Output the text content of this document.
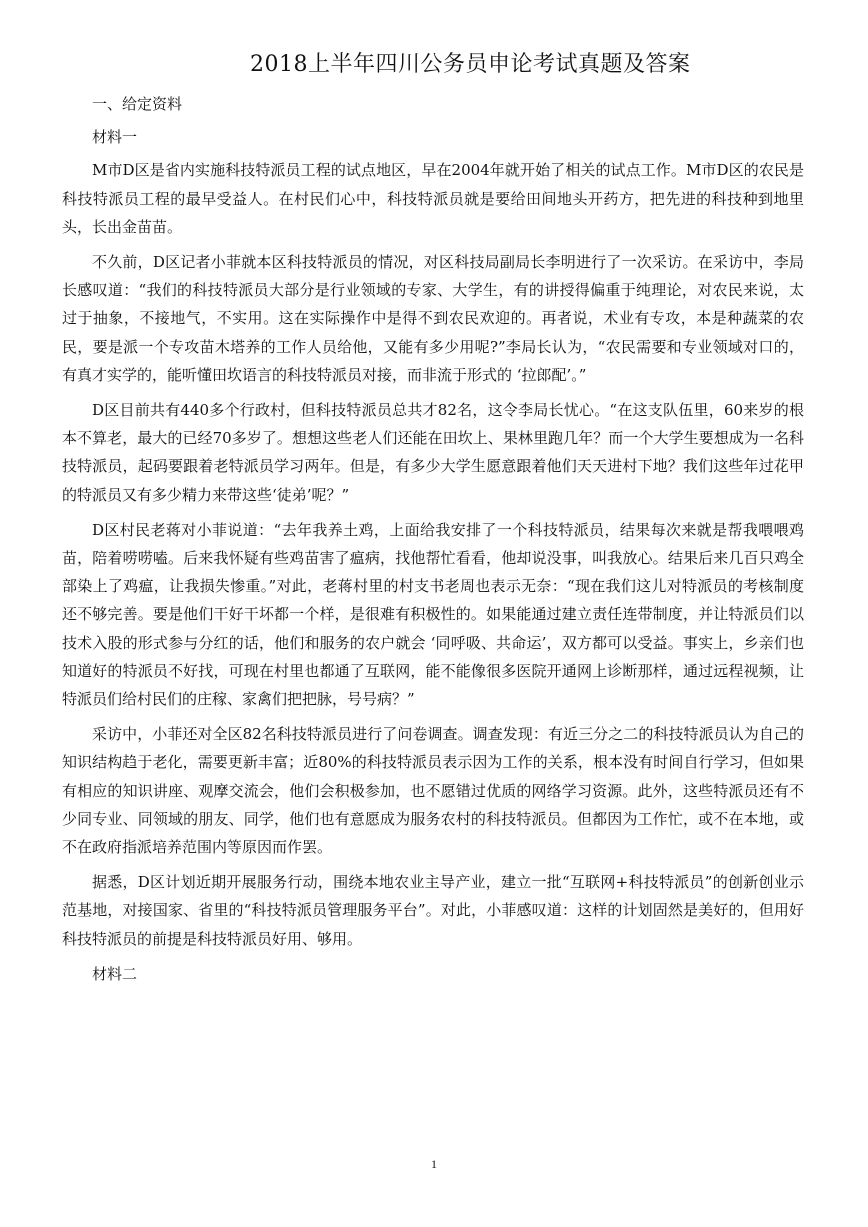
2018上半年四川公务员申论考试真题及答案

一、给定资料

材料一

M市D区是省内实施科技特派员工程的试点地区，早在2004年就开始了相关的试点工作。M市D区的农民是科技特派员工程的最早受益人。在村民们心中，科技特派员就是要给田间地头开药方，把先进的科技种到地里头，长出金苗苗。

不久前，D区记者小菲就本区科技特派员的情况，对区科技局副局长李明进行了一次采访。在采访中，李局长感叹道：“我们的科技特派员大部分是行业领域的专家、大学生，有的讲授得偏重于纯理论，对农民来说，太过于抽象，不接地气，不实用。这在实际操作中是得不到农民欢迎的。再者说，术业有专攻，本是种蔬菜的农民，要是派一个专攻苗木塔养的工作人员给他，又能有多少用呢?”李局长认为，“农民需要和专业领域对口的，有真才实学的，能听懂田坎语言的科技特派员对接，而非流于形式的 ‘拉郎配’。”

D区目前共有440多个行政村，但科技特派员总共才82名，这令李局长忧心。“在这支队伍里，60来岁的根本不算老，最大的已经70多岁了。想想这些老人们还能在田坎上、果林里跑几年？而一个大学生要想成为一名科技特派员，起码要跟着老特派员学习两年。但是，有多少大学生愿意跟着他们天天进村下地？我们这些年过花甲的特派员又有多少精力来带这些‘徒弟’呢？”

D区村民老蒋对小菲说道：“去年我养土鸡，上面给我安排了一个科技特派员，结果每次来就是帮我喂喂鸡苗，陪着唠唠嗑。后来我怀疑有些鸡苗害了瘟病，找他帮忙看看，他却说没事，叫我放心。结果后来几百只鸡全部染上了鸡瘟，让我损失惨重。”对此，老蒋村里的村支书老周也表示无奈：“现在我们这儿对特派员的考核制度还不够完善。要是他们干好干坏都一个样，是很难有积极性的。如果能通过建立责任连带制度，并让特派员们以技术入股的形式参与分红的话，他们和服务的农户就会 ‘同呼吸、共命运’，双方都可以受益。事实上，乡亲们也知道好的特派员不好找，可现在村里也都通了互联网，能不能像很多医院开通网上诊断那样，通过远程视频，让特派员们给村民们的庄稼、家禽们把把脉，号号病？”

采访中，小菲还对全区82名科技特派员进行了问卷调查。调查发现：有近三分之二的科技特派员认为自己的知识结构趋于老化，需要更新丰富；近80%的科技特派员表示因为工作的关系，根本没有时间自行学习，但如果有相应的知识讲座、观摩交流会，他们会积极参加，也不愿错过优质的网络学习资源。此外，这些特派员还有不少同专业、同领域的朋友、同学，他们也有意愿成为服务农村的科技特派员。但都因为工作忙，或不在本地，或不在政府指派培养范围内等原因而作罢。

据悉，D区计划近期开展服务行动，围绕本地农业主导产业，建立一批“互联网+科技特派员”的创新创业示范基地，对接国家、省里的“科技特派员管理服务平台”。对此，小菲感叹道：这样的计划固然是美好的，但用好科技特派员的前提是科技特派员好用、够用。

材料二

1
